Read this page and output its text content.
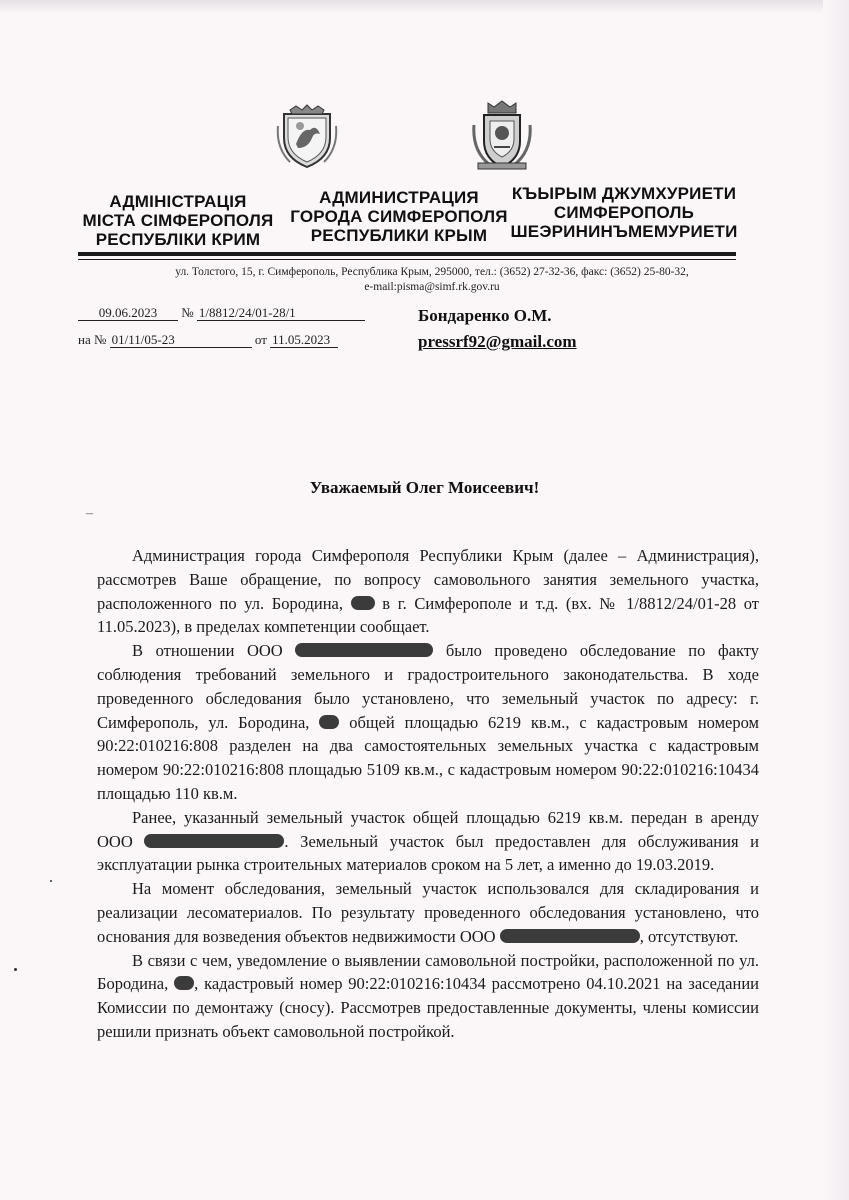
АДМІНІСТРАЦІЯ
МІСТА СІМФЕРОПОЛЯ
РЕСПУБЛІКИ КРИМ
АДМИНИСТРАЦИЯ
ГОРОДА СИМФЕРОПОЛЯ
РЕСПУБЛИКИ КРЫМ
КЪЫРЫМ ДЖУМХУРИЕТИ
СИМФЕРОПОЛЬ
ШЕЭРИНИНЪМЕМУРИЕТИ
ул. Толстого, 15, г. Симферополь, Республика Крым, 295000, тел.: (3652) 27-32-36, факс: (3652) 25-80-32,
e-mail:pisma@simf.rk.gov.ru
09.06.2023 № 1/8812/24/01-28/1
на № 01/11/05-23	от 11.05.2023
Бондаренко О.М.
pressrf92@gmail.com
Уважаемый Олег Моисеевич!
–

Администрация города Симферополя Республики Крым (далее – Администрация), рассмотрев Ваше обращение, по вопросу самовольного занятия земельного участка, расположенного по ул. Бородина, в г. Симферополе и т.д. (вх. № 1/8812/24/01-28 от 11.05.2023), в пределах компетенции сообщает.

В отношении ООО	было проведено обследование по факту соблюдения требований земельного и градостроительного законодательства. В ходе проведенного обследования было установлено, что земельный участок по адресу: г. Симферополь, ул. Бородина, общей площадью 6219 кв.м., с кадастровым номером 90:22:010216:808 разделен на два самостоятельных земельных участка с кадастровым номером 90:22:010216:808 площадью 5109 кв.м., с кадастровым номером 90:22:010216:10434 площадью 110 кв.м.

Ранее, указанный земельный участок общей площадью 6219 кв.м. передан в аренду ООО	. Земельный участок был предоставлен для обслуживания и эксплуатации рынка строительных материалов сроком на 5 лет, а именно до 19.03.2019.

На момент обследования, земельный участок использовался для складирования и реализации лесоматериалов. По результату проведенного обследования установлено, что основания для возведения объектов недвижимости ООО	, отсутствуют.

В связи с чем, уведомление о выявлении самовольной постройки, расположенной по ул. Бородина, , кадастровый номер 90:22:010216:10434 рассмотрено 04.10.2021 на заседании Комиссии по демонтажу (сносу). Рассмотрев предоставленные документы, члены комиссии решили признать объект самовольной постройкой.
